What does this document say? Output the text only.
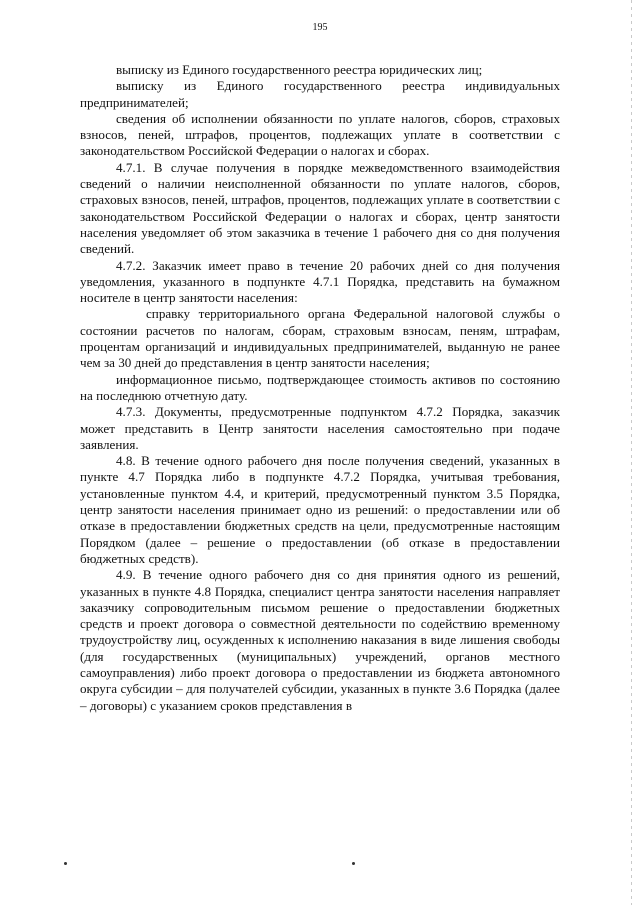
195

выписку из Единого государственного реестра юридических лиц;

выписку из Единого государственного реестра индивидуальных предпринимателей;

сведения об исполнении обязанности по уплате налогов, сборов, страховых взносов, пеней, штрафов, процентов, подлежащих уплате в соответствии с законодательством Российской Федерации о налогах и сборах.

4.7.1. В случае получения в порядке межведомственного взаимодействия сведений о наличии неисполненной обязанности по уплате налогов, сборов, страховых взносов, пеней, штрафов, процентов, подлежащих уплате в соответствии с законодательством Российской Федерации о налогах и сборах, центр занятости населения уведомляет об этом заказчика в течение 1 рабочего дня со дня получения сведений.

4.7.2. Заказчик имеет право в течение 20 рабочих дней со дня получения уведомления, указанного в подпункте 4.7.1 Порядка, представить на бумажном носителе в центр занятости населения:

справку территориального органа Федеральной налоговой службы о состоянии расчетов по налогам, сборам, страховым взносам, пеням, штрафам, процентам организаций и индивидуальных предпринимателей, выданную не ранее чем за 30 дней до представления в центр занятости населения;

информационное письмо, подтверждающее стоимость активов по состоянию на последнюю отчетную дату.

4.7.3. Документы, предусмотренные подпунктом 4.7.2 Порядка, заказчик может представить в Центр занятости населения самостоятельно при подаче заявления.

4.8. В течение одного рабочего дня после получения сведений, указанных в пункте 4.7 Порядка либо в подпункте 4.7.2 Порядка, учитывая требования, установленные пунктом 4.4, и критерий, предусмотренный пунктом 3.5 Порядка, центр занятости населения принимает одно из решений: о предоставлении или об отказе в предоставлении бюджетных средств на цели, предусмотренные настоящим Порядком (далее – решение о предоставлении (об отказе в предоставлении бюджетных средств).

4.9. В течение одного рабочего дня со дня принятия одного из решений, указанных в пункте 4.8 Порядка, специалист центра занятости населения направляет заказчику сопроводительным письмом решение о предоставлении бюджетных средств и проект договора о совместной деятельности по содействию временному трудоустройству лиц, осужденных к исполнению наказания в виде лишения свободы (для государственных (муниципальных) учреждений, органов местного самоуправления) либо проект договора о предоставлении из бюджета автономного округа субсидии – для получателей субсидии, указанных в пункте 3.6 Порядка (далее – договоры) с указанием сроков представления в
